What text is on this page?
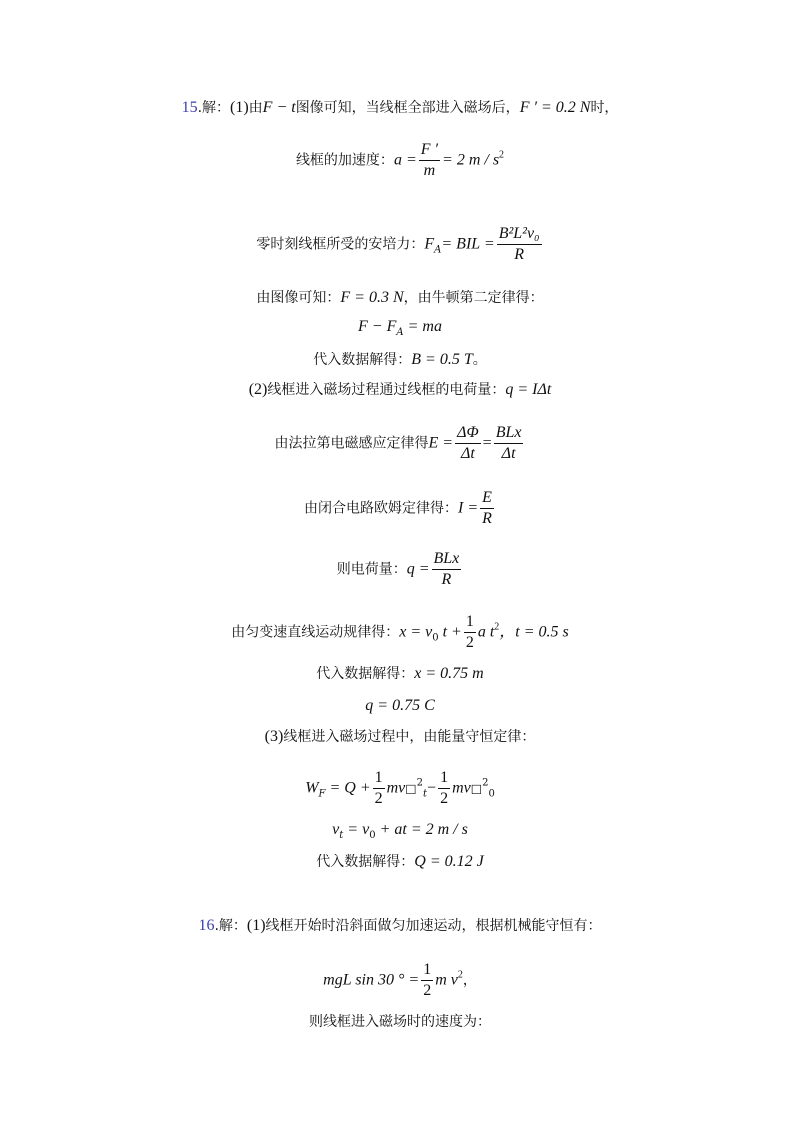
15.解：(1)由F − t图像可知，当线框全部进入磁场后，F ′ = 0.2 N时，
线框的加速度：$a = \frac{F '}{m} = 2$ m / $s^2$
零时刻线框所受的安培力：$F_A=$ BIL = $\frac{\text{B²L²v₀}}{R}$
由图像可知：F = 0.3 N，由牛顿第二定律得：
$F - F_A$ = ma
代入数据解得：B = 0.5 T。
(2)线框进入磁场过程通过线框的电荷量：q = IΔt
由法拉第电磁感应定律得$E = \frac{\Delta\Phi}{\Delta t} = \frac{\text{BLx}}{\Delta t}$
由闭合电路欧姆定律得：$I = \frac{E}{R}$
则电荷量：$q = \frac{\text{BLx}}{R}$
由匀变速直线运动规律得：$x = v_0$ $t + \frac{1}{2}$ a $t^2$，t = 0.5 s
代入数据解得：x = 0.75 m
q = 0.75 C
(3)线框进入磁场过程中，由能量守恒定律：
$W_F = Q + \frac{1}{2}$ mv□$^2_t$− $\frac{1}{2}$ mv□$^2_0$
$v_t = v_0$ + at = 2 m / s
代入数据解得：Q = 0.12 J
16.解：(1)线框开始时沿斜面做匀加速运动，根据机械能守恒有：
mgL sin 30 ° = $\frac{1}{2}$ m $v^2$，
则线框进入磁场时的速度为：
